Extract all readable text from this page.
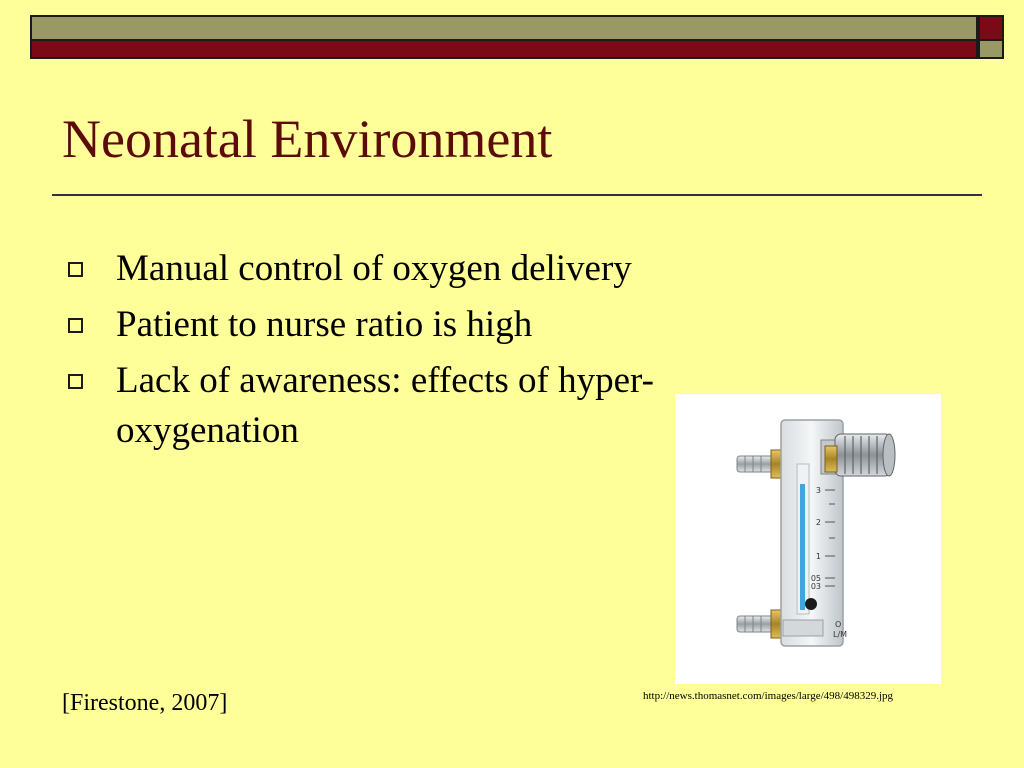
Neonatal Environment
Manual control of oxygen delivery
Patient to nurse ratio is high
Lack of awareness: effects of hyper-oxygenation
3
2
1
05
03
O
L/M
http://news.thomasnet.com/images/large/498/498329.jpg
[Firestone, 2007]
